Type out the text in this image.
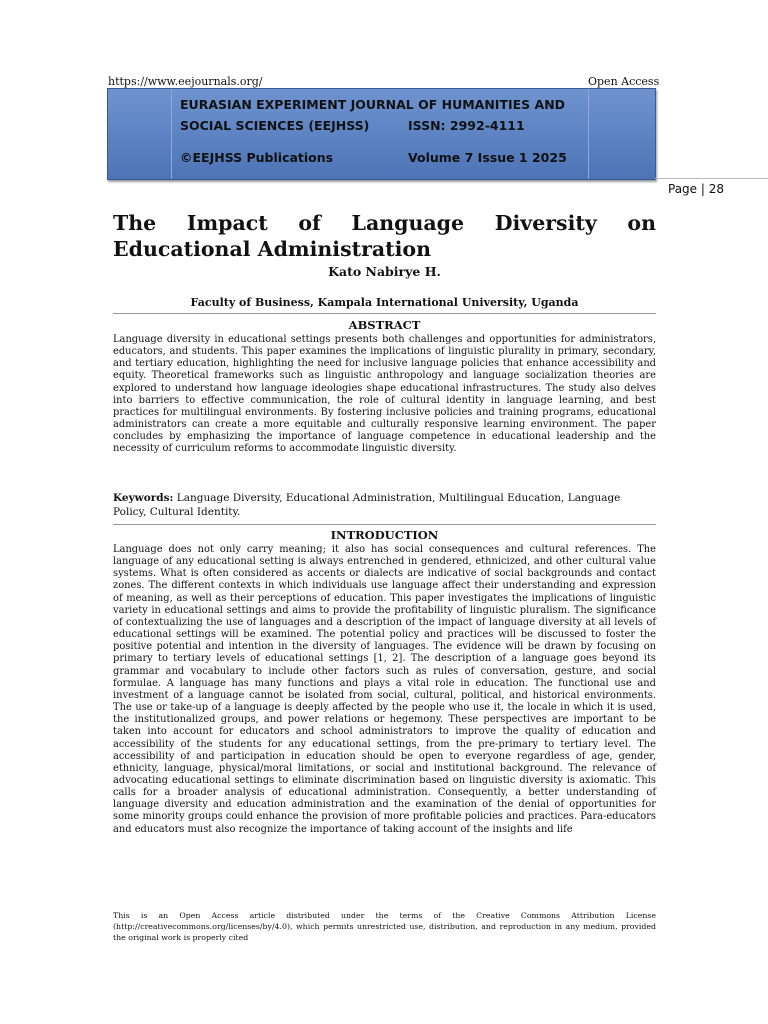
https://www.eejournals.org/	Open Access
EURASIAN EXPERIMENT JOURNAL OF HUMANITIES AND
SOCIAL SCIENCES (EEJHSS)	ISSN: 2992-4111
©EEJHSS Publications	Volume 7 Issue 1 2025
Page | 28
The Impact of Language Diversity on Educational Administration
Kato Nabirye H.
Faculty of Business, Kampala International University, Uganda
ABSTRACT

Language diversity in educational settings presents both challenges and opportunities for administrators, educators, and students. This paper examines the implications of linguistic plurality in primary, secondary, and tertiary education, highlighting the need for inclusive language policies that enhance accessibility and equity. Theoretical frameworks such as linguistic anthropology and language socialization theories are explored to understand how language ideologies shape educational infrastructures. The study also delves into barriers to effective communication, the role of cultural identity in language learning, and best practices for multilingual environments. By fostering inclusive policies and training programs, educational administrators can create a more equitable and culturally responsive learning environment. The paper concludes by emphasizing the importance of language competence in educational leadership and the necessity of curriculum reforms to accommodate linguistic diversity.

Keywords: Language Diversity, Educational Administration, Multilingual Education, Language Policy, Cultural Identity.
INTRODUCTION

Language does not only carry meaning; it also has social consequences and cultural references. The language of any educational setting is always entrenched in gendered, ethnicized, and other cultural value systems. What is often considered as accents or dialects are indicative of social backgrounds and contact zones. The different contexts in which individuals use language affect their understanding and expression of meaning, as well as their perceptions of education. This paper investigates the implications of linguistic variety in educational settings and aims to provide the profitability of linguistic pluralism. The significance of contextualizing the use of languages and a description of the impact of language diversity at all levels of educational settings will be examined. The potential policy and practices will be discussed to foster the positive potential and intention in the diversity of languages. The evidence will be drawn by focusing on primary to tertiary levels of educational settings [1, 2]. The description of a language goes beyond its grammar and vocabulary to include other factors such as rules of conversation, gesture, and social formulae. A language has many functions and plays a vital role in education. The functional use and investment of a language cannot be isolated from social, cultural, political, and historical environments. The use or take-up of a language is deeply affected by the people who use it, the locale in which it is used, the institutionalized groups, and power relations or hegemony. These perspectives are important to be taken into account for educators and school administrators to improve the quality of education and accessibility of the students for any educational settings, from the pre-primary to tertiary level. The accessibility of and participation in education should be open to everyone regardless of age, gender, ethnicity, language, physical/moral limitations, or social and institutional background. The relevance of advocating educational settings to eliminate discrimination based on linguistic diversity is axiomatic. This calls for a broader analysis of educational administration. Consequently, a better understanding of language diversity and education administration and the examination of the denial of opportunities for some minority groups could enhance the provision of more profitable policies and practices. Para-educators and educators must also recognize the importance of taking account of the insights and life

This is an Open Access article distributed under the terms of the Creative Commons Attribution License (http://creativecommons.org/licenses/by/4.0), which permits unrestricted use, distribution, and reproduction in any medium, provided the original work is properly cited
